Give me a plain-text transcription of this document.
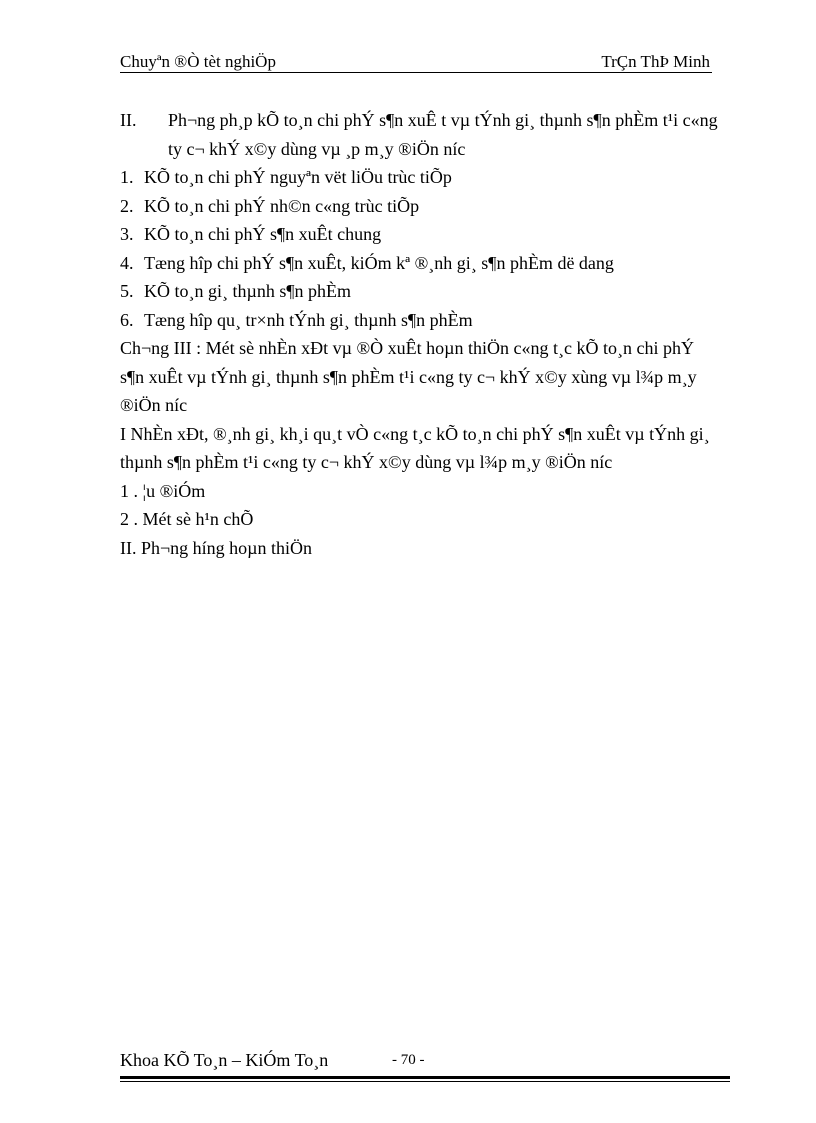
Chuyªn ®Ò tèt nghiÖp	TrÇn ThÞ Minh
II. Ph¬ng ph¸p kÕ to¸n chi phÝ s¶n xuÊ t vµ tÝnh gi¸ thµnh s¶n phÈm t¹i c«ng
ty c¬ khÝ x©y dùng vµ ¸p m¸y ®iÖn níc
1. KÕ to¸n chi phÝ nguyªn vët liÖu trùc tiÕp
2. KÕ to¸n chi phÝ nh©n c«ng trùc tiÕp
3. KÕ to¸n chi phÝ s¶n xuÊt chung
4. Tæng hîp chi phÝ s¶n xuÊt, kiÓm kª ®¸nh gi¸ s¶n phÈm dë dang
5. KÕ to¸n gi¸ thµnh s¶n phÈm
6. Tæng hîp qu¸ tr×nh tÝnh gi¸ thµnh s¶n phÈm
Ch¬ng III : Mét sè nhÈn xÐt vµ ®Ò xuÊt hoµn thiÖn c«ng t¸c kÕ to¸n chi phÝ
s¶n xuÊt vµ tÝnh gi¸ thµnh s¶n phÈm t¹i c«ng ty c¬ khÝ x©y xùng vµ l¾p m¸y
®iÖn níc
I NhÈn xÐt, ®¸nh gi¸ kh¸i qu¸t vÒ c«ng t¸c kÕ to¸n chi phÝ s¶n xuÊt vµ tÝnh gi¸
thµnh s¶n phÈm t¹i c«ng ty c¬ khÝ x©y dùng vµ l¾p m¸y ®iÖn níc
1 . ¦u ®iÓm
2 . Mét sè h¹n chÕ
II. Ph¬ng híng hoµn thiÖn
Khoa KÕ To¸n – KiÓm To¸n	- 70 -
